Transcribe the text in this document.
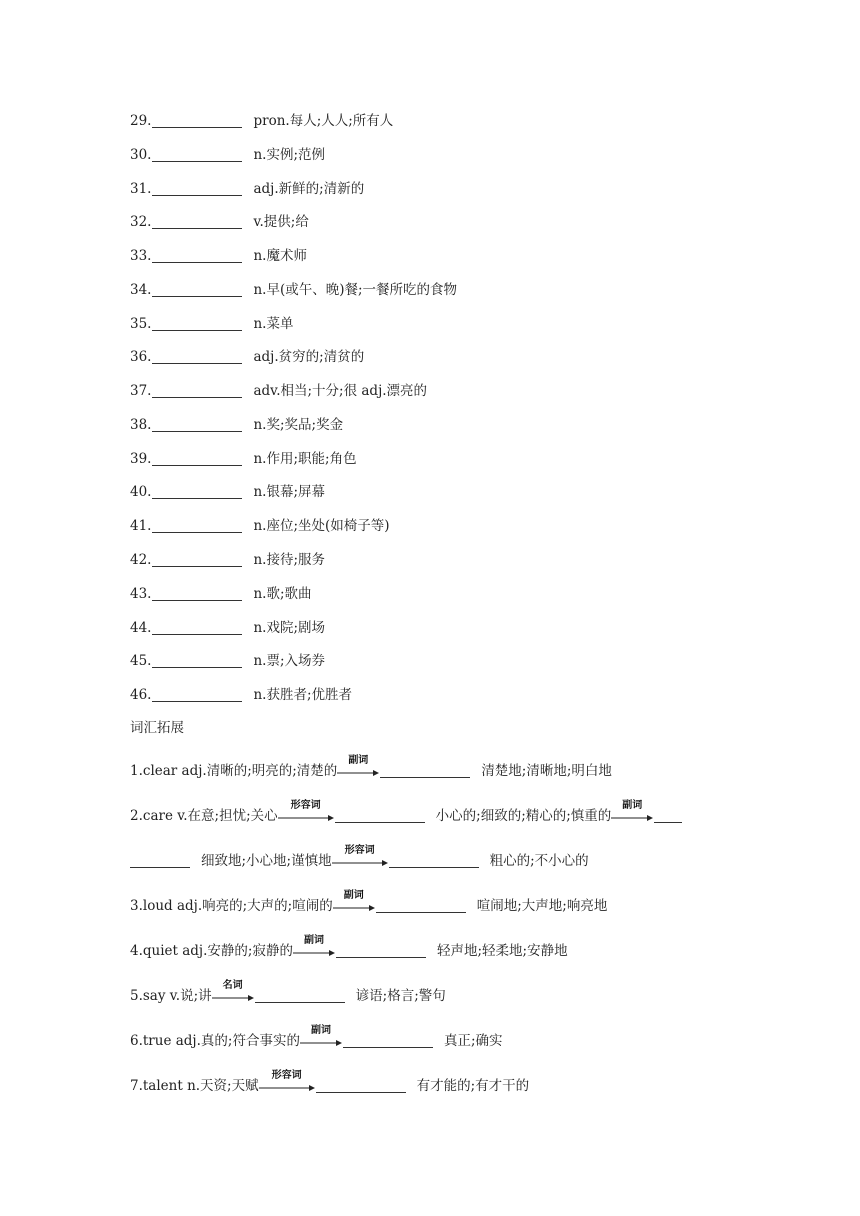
29.	pron.每人;人人;所有人
30.	n.实例;范例
31.	adj.新鲜的;清新的
32.	v.提供;给
33.	n.魔术师
34.	n.早(或午、晚)餐;一餐所吃的食物
35.	n.菜单
36.	adj.贫穷的;清贫的
37.	adv.相当;十分;很 adj.漂亮的
38.	n.奖;奖品;奖金
39.	n.作用;职能;角色
40.	n.银幕;屏幕
41.	n.座位;坐处(如椅子等)
42.	n.接待;服务
43.	n.歌;歌曲
44.	n.戏院;剧场
45.	n.票;入场券
46.	n.获胜者;优胜者
词汇拓展
1.clear adj.清晰的;明亮的;清楚的
副词
清楚地;清晰地;明白地
2.care v.在意;担忧;关心
形容词
小心的;细致的;精心的;慎重的
副词
细致地;小心地;谨慎地
形容词
粗心的;不小心的
3.loud adj.响亮的;大声的;喧闹的
副词
喧闹地;大声地;响亮地
4.quiet adj.安静的;寂静的
副词
轻声地;轻柔地;安静地
5.say v.说;讲
名词
谚语;格言;警句
6.true adj.真的;符合事实的
副词
真正;确实
7.talent n.天资;天赋
形容词
有才能的;有才干的
